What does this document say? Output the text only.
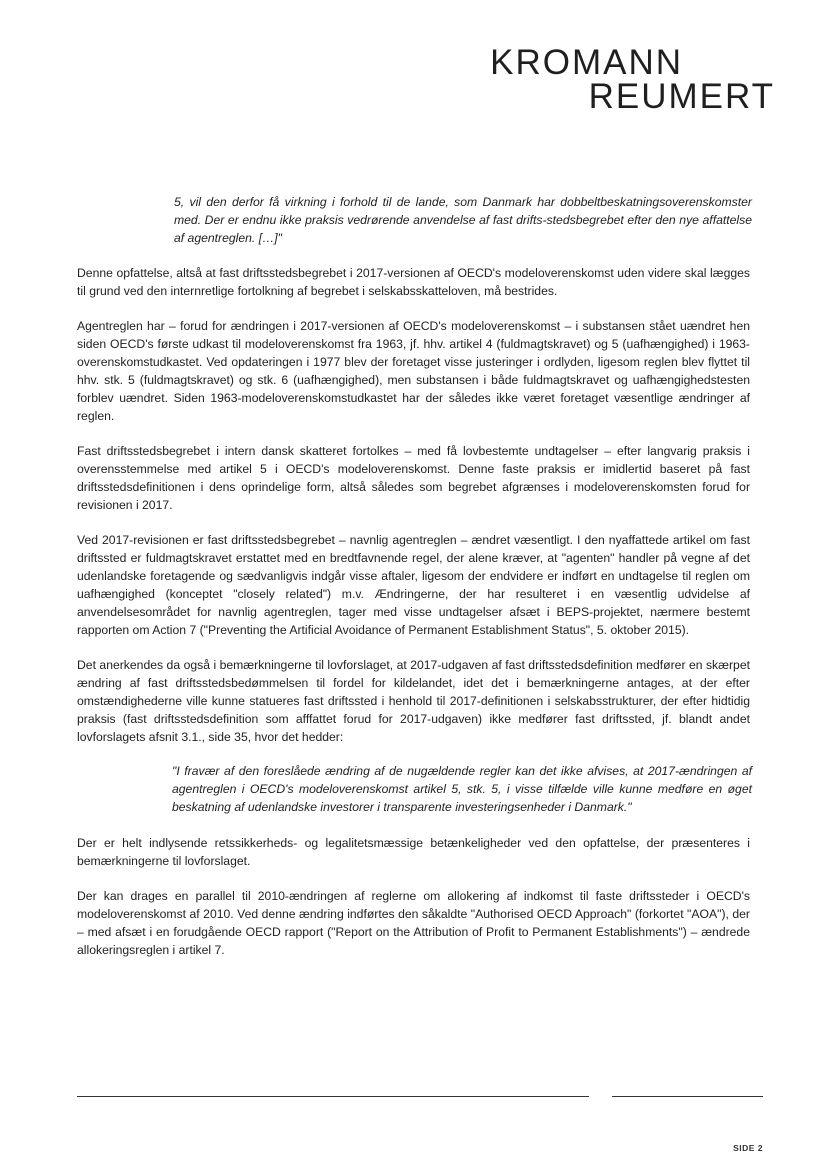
KROMANN
REUMERT

5, vil den derfor få virkning i forhold til de lande, som Danmark har dobbeltbeskatningsoverenskomster med. Der er endnu ikke praksis vedrørende anvendelse af fast drifts-stedsbegrebet efter den nye affattelse af agentreglen. […]"

Denne opfattelse, altså at fast driftsstedsbegrebet i 2017-versionen af OECD's modeloverenskomst uden videre skal lægges til grund ved den internretlige fortolkning af begrebet i selskabsskatteloven, må bestrides.

Agentreglen har – forud for ændringen i 2017-versionen af OECD's modeloverenskomst – i substansen stået uændret hen siden OECD's første udkast til modeloverenskomst fra 1963, jf. hhv. artikel 4 (fuldmagtskravet) og 5 (uafhængighed) i 1963-overenskomstudkastet. Ved opdateringen i 1977 blev der foretaget visse justeringer i ordlyden, ligesom reglen blev flyttet til hhv. stk. 5 (fuldmagtskravet) og stk. 6 (uafhængighed), men substansen i både fuldmagtskravet og uafhængighedstesten forblev uændret. Siden 1963-modeloverenskomstudkastet har der således ikke været foretaget væsentlige ændringer af reglen.

Fast driftsstedsbegrebet i intern dansk skatteret fortolkes – med få lovbestemte undtagelser – efter langvarig praksis i overensstemmelse med artikel 5 i OECD's modeloverenskomst. Denne faste praksis er imidlertid baseret på fast driftsstedsdefinitionen i dens oprindelige form, altså således som begrebet afgrænses i modeloverenskomsten forud for revisionen i 2017.

Ved 2017-revisionen er fast driftsstedsbegrebet – navnlig agentreglen – ændret væsentligt. I den nyaffattede artikel om fast driftssted er fuldmagtskravet erstattet med en bredtfavnende regel, der alene kræver, at "agenten" handler på vegne af det udenlandske foretagende og sædvanligvis indgår visse aftaler, ligesom der endvidere er indført en undtagelse til reglen om uafhængighed (konceptet "closely related") m.v. Ændringerne, der har resulteret i en væsentlig udvidelse af anvendelsesområdet for navnlig agentreglen, tager med visse undtagelser afsæt i BEPS-projektet, nærmere bestemt rapporten om Action 7 ("Preventing the Artificial Avoidance of Permanent Establishment Status", 5. oktober 2015).

Det anerkendes da også i bemærkningerne til lovforslaget, at 2017-udgaven af fast driftsstedsdefinition medfører en skærpet ændring af fast driftsstedsbedømmelsen til fordel for kildelandet, idet det i bemærkningerne antages, at der efter omstændighederne ville kunne statueres fast driftssted i henhold til 2017-definitionen i selskabsstrukturer, der efter hidtidig praksis (fast driftsstedsdefinition som afffattet forud for 2017-udgaven) ikke medfører fast driftssted, jf. blandt andet lovforslagets afsnit 3.1., side 35, hvor det hedder:

"I fravær af den foreslåede ændring af de nugældende regler kan det ikke afvises, at 2017-ændringen af agentreglen i OECD's modeloverenskomst artikel 5, stk. 5, i visse tilfælde ville kunne medføre en øget beskatning af udenlandske investorer i transparente investeringsenheder i Danmark."

Der er helt indlysende retssikkerheds- og legalitetsmæssige betænkeligheder ved den opfattelse, der præsenteres i bemærkningerne til lovforslaget.

Der kan drages en parallel til 2010-ændringen af reglerne om allokering af indkomst til faste driftssteder i OECD's modeloverenskomst af 2010. Ved denne ændring indførtes den såkaldte "Authorised OECD Approach" (forkortet "AOA"), der – med afsæt i en forudgående OECD rapport ("Report on the Attribution of Profit to Permanent Establishments") – ændrede allokeringsreglen i artikel 7.

SIDE 2
